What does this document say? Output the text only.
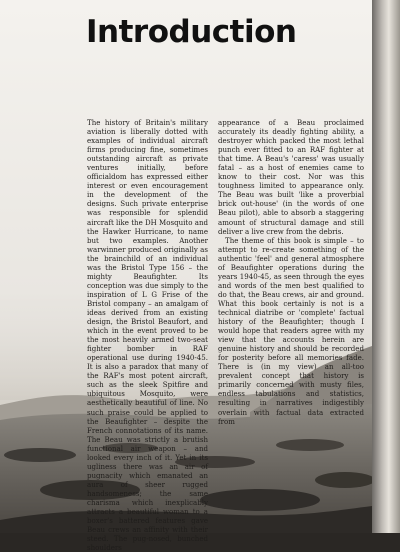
Introduction

The history of Britain's military aviation is liberally dotted with examples of individual aircraft firms producing fine, sometimes outstanding aircraft as private ventures initially, before officialdom has expressed either interest or even encouragement in the development of the designs. Such private enterprise was responsible for splendid aircraft like the DH Mosquito and the Hawker Hurricane, to name but two examples. Another warwinner produced originally as the brainchild of an individual was the Bristol Type 156 – the mighty Beaufighter. Its conception was due simply to the inspiration of L G Frise of the Bristol company – an amalgam of ideas derived from an existing design, the Bristol Beaufort, and which in the event proved to be the most heavily armed two-seat fighter bomber in RAF operational use during 1940-45. It is also a paradox that many of the RAF's most potent aircraft, such as the sleek Spitfire and ubiquitous Mosquito, were aesthetically beautiful of line. No such praise could be applied to the Beaufighter – despite the French connotations of its name. The Beau was strictly a brutish functional air weapon – and looked every inch of it. Yet in its ugliness there was an air of pugnacity which emanated an aura of sheer rugged handsomeness; the same charisma which inexplicably attracts a beautiful woman to a boxer's battered features gave Beau crews an affinity with their steed. The pug-nosed, bunched shoulders

appearance of a Beau proclaimed accurately its deadly fighting ability, a destroyer which packed the most lethal punch ever fitted to an RAF fighter at that time. A Beau's 'caress' was usually fatal – as a host of enemies came to know to their cost. Nor was this toughness limited to appearance only. The Beau was built 'like a proverbial brick out-house' (in the words of one Beau pilot), able to absorb a staggering amount of structural damage and still deliver a live crew from the debris.

The theme of this book is simple – to attempt to re-create something of the authentic 'feel' and general atmosphere of Beaufighter operations during the years 1940-45, as seen through the eyes and words of the men best qualified to do that, the Beau crews, air and ground. What this book certainly is not is a technical diatribe or 'complete' factual history of the Beaufighter; though I would hope that readers agree with my view that the accounts herein are genuine history and should be recorded for posterity before all memories fade. There is (in my view) an all-too prevalent concept that history is primarily concerned with musty files, endless tabulations and statistics, resulting in narratives indigestibly overlain with factual data extracted from
